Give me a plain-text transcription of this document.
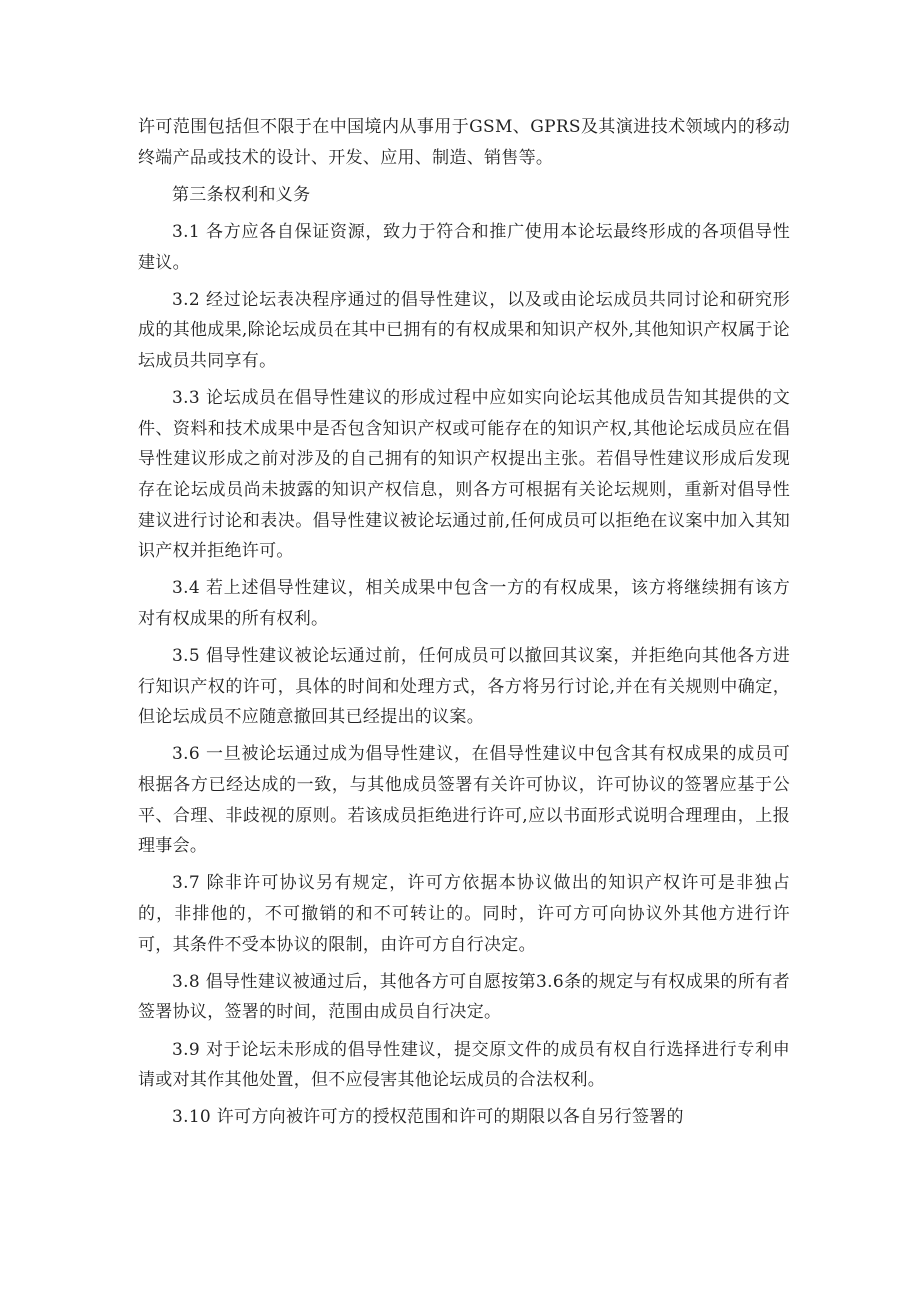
许可范围包括但不限于在中国境内从事用于GSM、GPRS及其演进技术领域内的移动终端产品或技术的设计、开发、应用、制造、销售等。

第三条权利和义务

3.1 各方应各自保证资源，致力于符合和推广使用本论坛最终形成的各项倡导性建议。

3.2 经过论坛表决程序通过的倡导性建议，以及或由论坛成员共同讨论和研究形成的其他成果,除论坛成员在其中已拥有的有权成果和知识产权外,其他知识产权属于论坛成员共同享有。

3.3 论坛成员在倡导性建议的形成过程中应如实向论坛其他成员告知其提供的文件、资料和技术成果中是否包含知识产权或可能存在的知识产权,其他论坛成员应在倡导性建议形成之前对涉及的自己拥有的知识产权提出主张。若倡导性建议形成后发现存在论坛成员尚未披露的知识产权信息，则各方可根据有关论坛规则，重新对倡导性建议进行讨论和表决。倡导性建议被论坛通过前,任何成员可以拒绝在议案中加入其知识产权并拒绝许可。

3.4 若上述倡导性建议，相关成果中包含一方的有权成果，该方将继续拥有该方对有权成果的所有权利。

3.5 倡导性建议被论坛通过前，任何成员可以撤回其议案，并拒绝向其他各方进行知识产权的许可，具体的时间和处理方式，各方将另行讨论,并在有关规则中确定，但论坛成员不应随意撤回其已经提出的议案。

3.6 一旦被论坛通过成为倡导性建议，在倡导性建议中包含其有权成果的成员可根据各方已经达成的一致，与其他成员签署有关许可协议，许可协议的签署应基于公平、合理、非歧视的原则。若该成员拒绝进行许可,应以书面形式说明合理理由，上报理事会。

3.7 除非许可协议另有规定，许可方依据本协议做出的知识产权许可是非独占的，非排他的，不可撤销的和不可转让的。同时，许可方可向协议外其他方进行许可，其条件不受本协议的限制，由许可方自行决定。

3.8 倡导性建议被通过后，其他各方可自愿按第3.6条的规定与有权成果的所有者签署协议，签署的时间，范围由成员自行决定。

3.9 对于论坛未形成的倡导性建议，提交原文件的成员有权自行选择进行专利申请或对其作其他处置，但不应侵害其他论坛成员的合法权利。

3.10 许可方向被许可方的授权范围和许可的期限以各自另行签署的
